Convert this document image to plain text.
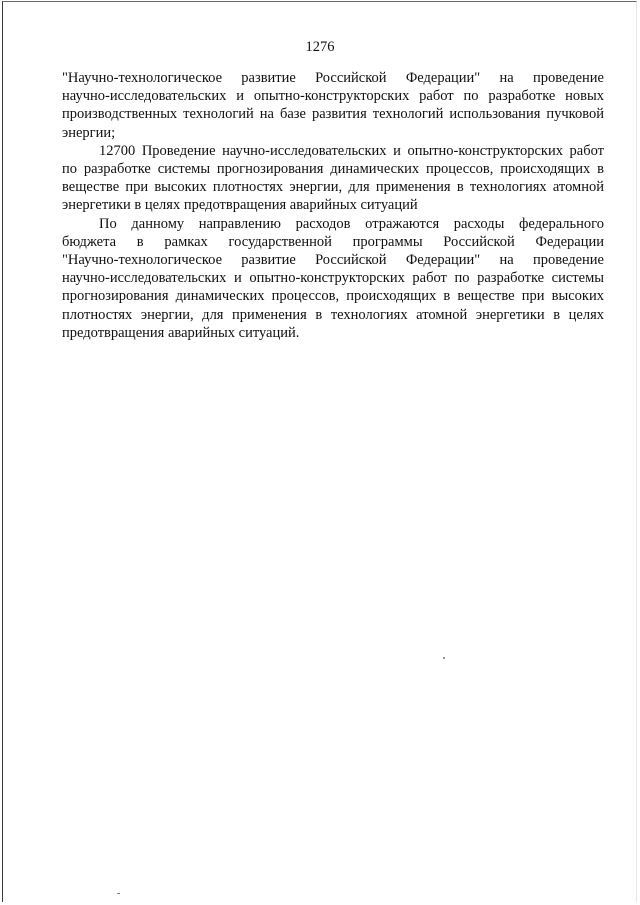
1276

"Научно-технологическое развитие Российской Федерации" на проведение
научно-исследовательских и опытно-конструкторских работ по разработке новых
производственных технологий на базе развития технологий использования пучковой
энергии;

12700 Проведение научно-исследовательских и опытно-конструкторских работ
по разработке системы прогнозирования динамических процессов, происходящих в
веществе при высоких плотностях энергии, для применения в технологиях атомной
энергетики в целях предотвращения аварийных ситуаций

По данному направлению расходов отражаются расходы федерального
бюджета в рамках государственной программы Российской Федерации
"Научно-технологическое развитие Российской Федерации" на проведение
научно-исследовательских и опытно-конструкторских работ по разработке системы
прогнозирования динамических процессов, происходящих в веществе при высоких
плотностях энергии, для применения в технологиях атомной энергетики в целях
предотвращения аварийных ситуаций.
